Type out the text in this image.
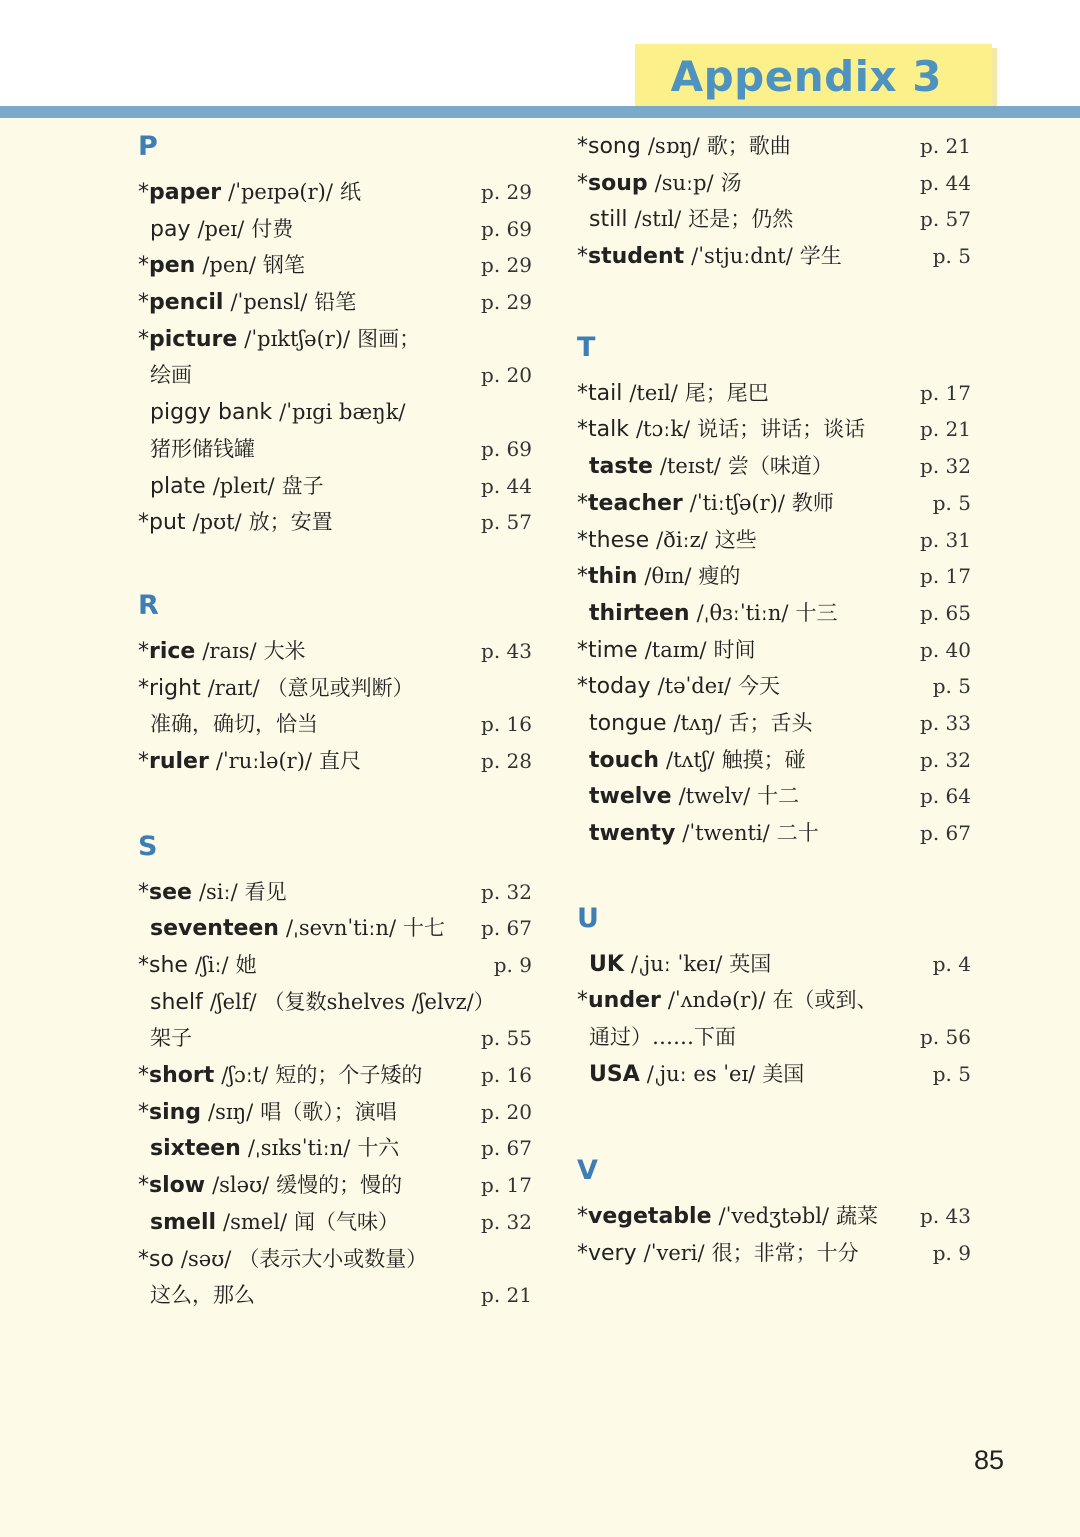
Appendix 3
P
*paper /ˈpeɪpə(r)/ 纸	p. 29
pay /peɪ/ 付费	p. 69
*pen /pen/ 钢笔	p. 29
*pencil /ˈpensl/ 铅笔	p. 29
*picture /ˈpɪktʃə(r)/ 图画；
绘画	p. 20
piggy bank /ˈpɪgi bæŋk/
猪形储钱罐	p. 69
plate /pleɪt/ 盘子	p. 44
*put /pʊt/ 放；安置	p. 57
R
*rice /raɪs/ 大米	p. 43
*right /raɪt/ （意见或判断）
准确，确切，恰当	p. 16
*ruler /ˈruːlə(r)/ 直尺	p. 28
S
*see /siː/ 看见	p. 32
seventeen /ˌsevnˈtiːn/ 十七 p. 67
*she /ʃiː/ 她	p. 9
shelf /ʃelf/ （复数shelves /ʃelvz/）
架子	p. 55
*short /ʃɔːt/ 短的；个子矮的	p. 16
*sing /sɪŋ/ 唱（歌）；演唱	p. 20
sixteen /ˌsɪksˈtiːn/ 十六	p. 67
*slow /sləʊ/ 缓慢的；慢的	p. 17
smell /smel/ 闻（气味）	p. 32
*so /səʊ/ （表示大小或数量）
这么，那么	p. 21
*song /sɒŋ/ 歌；歌曲	p. 21
*soup /suːp/ 汤	p. 44
still /stɪl/ 还是；仍然	p. 57
*student /ˈstjuːdnt/ 学生	p. 5
T
*tail /teɪl/ 尾；尾巴	p. 17
*talk /tɔːk/ 说话；讲话；谈话	p. 21
taste /teɪst/ 尝（味道）	p. 32
*teacher /ˈtiːtʃə(r)/ 教师	p. 5
*these /ðiːz/ 这些	p. 31
*thin /θɪn/ 瘦的	p. 17
thirteen /ˌθɜːˈtiːn/ 十三	p. 65
*time /taɪm/ 时间	p. 40
*today /təˈdeɪ/ 今天	p. 5
tongue /tʌŋ/ 舌；舌头	p. 33
touch /tʌtʃ/ 触摸；碰	p. 32
twelve /twelv/ 十二	p. 64
twenty /ˈtwenti/ 二十	p. 67
U
UK /ˌjuː ˈkeɪ/ 英国	p. 4
*under /ˈʌndə(r)/ 在（或到、
通过）……下面	p. 56
USA /ˌjuː es ˈeɪ/ 美国	p. 5
V
*vegetable /ˈvedʒtəbl/ 蔬菜 p. 43
*very /ˈveri/ 很；非常；十分	p. 9
85
